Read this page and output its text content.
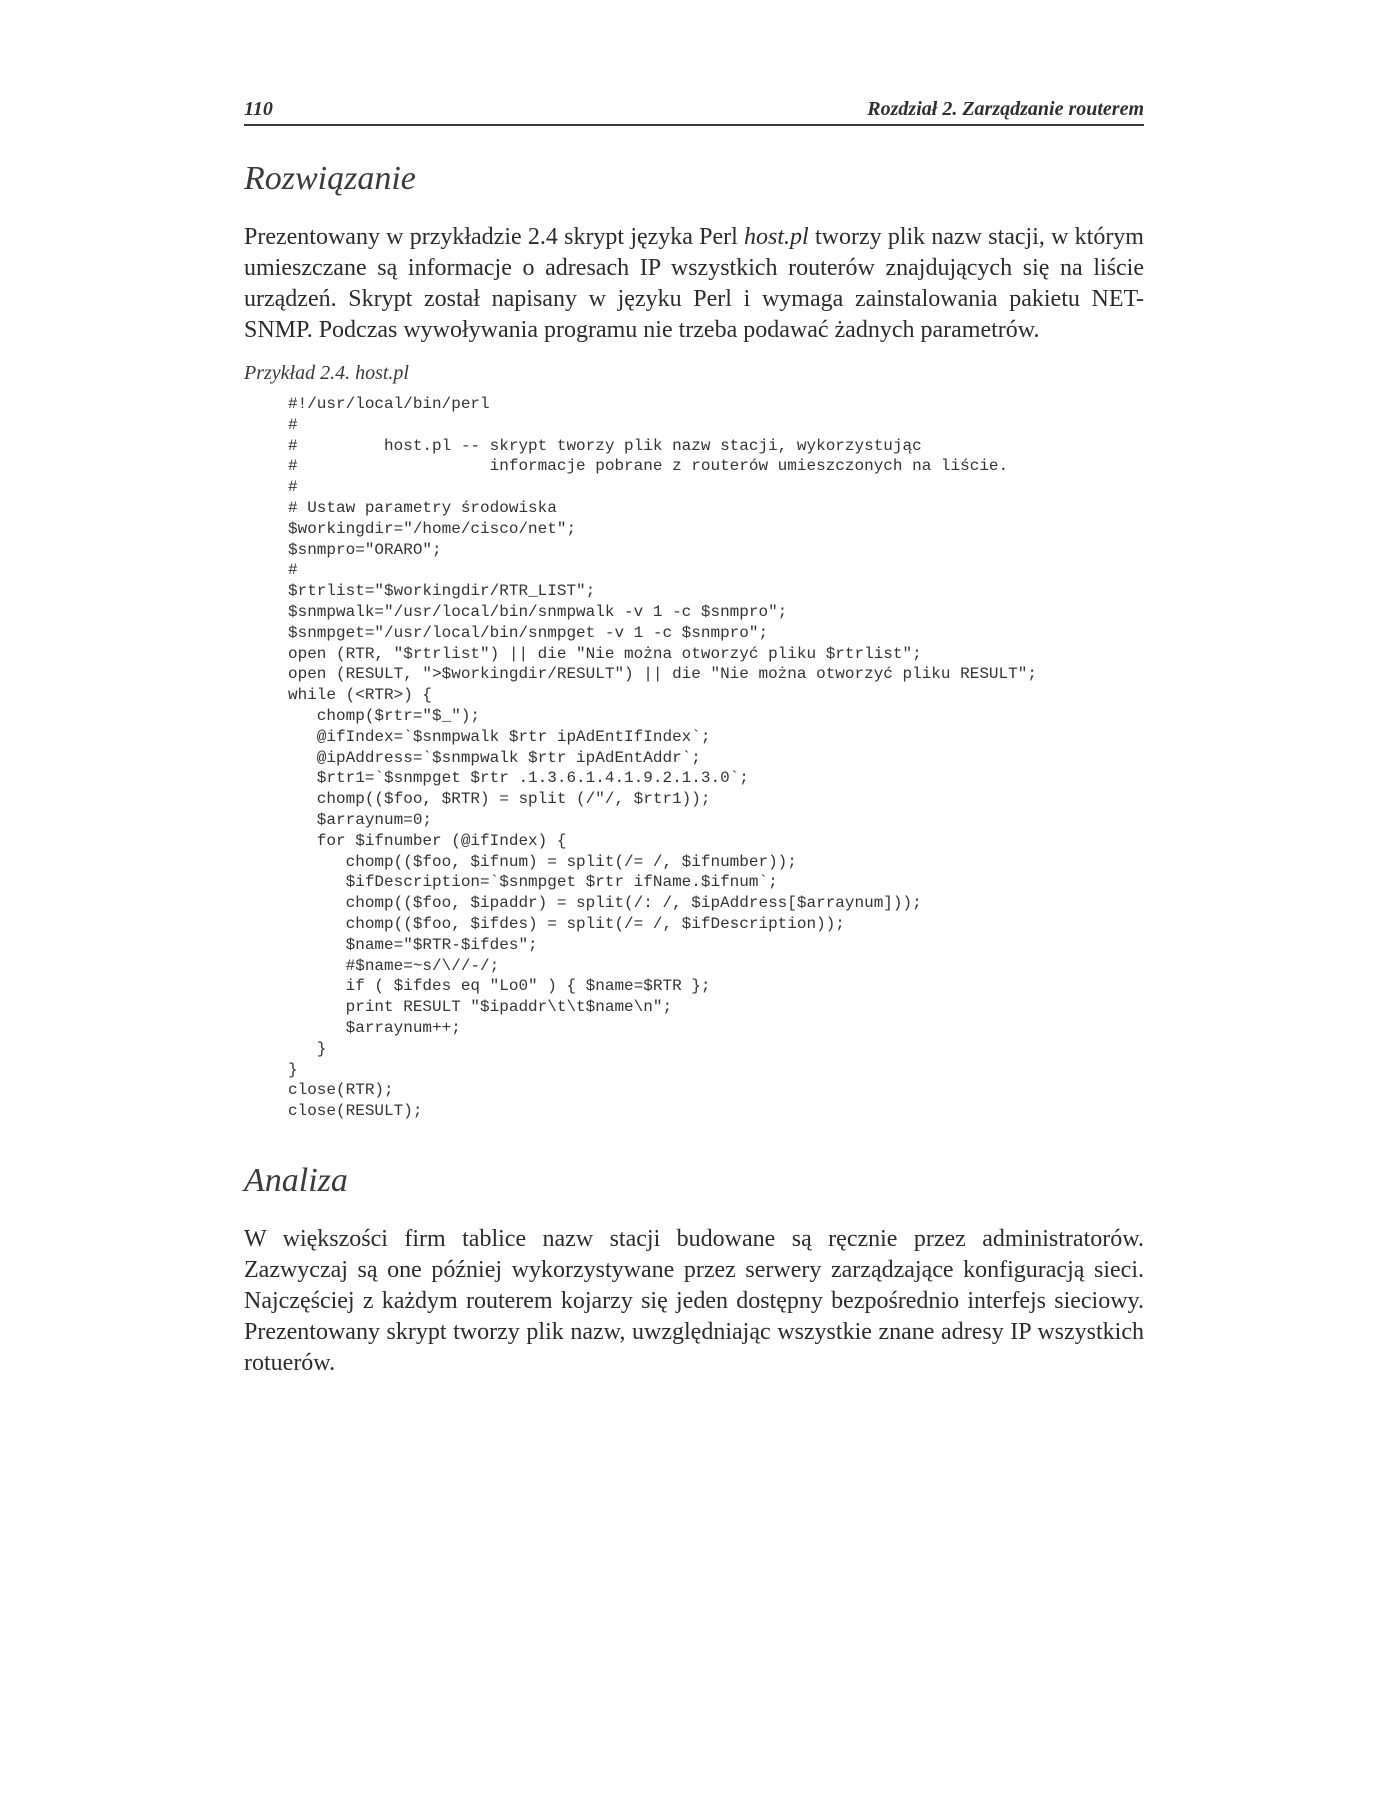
110	Rozdział 2. Zarządzanie routerem
Rozwiązanie

Prezentowany w przykładzie 2.4 skrypt języka Perl host.pl tworzy plik nazw stacji, w którym umieszczane są informacje o adresach IP wszystkich routerów znajdujących się na liście urządzeń. Skrypt został napisany w języku Perl i wymaga zainstalowania pakietu NET-SNMP. Podczas wywoływania programu nie trzeba podawać żadnych parametrów.

Przykład 2.4. host.pl
#!/usr/local/bin/perl
#
#         host.pl -- skrypt tworzy plik nazw stacji, wykorzystując
#                    informacje pobrane z routerów umieszczonych na liście.
#
# Ustaw parametry środowiska
$workingdir="/home/cisco/net";
$snmpro="ORARO";
#
$rtrlist="$workingdir/RTR_LIST";
$snmpwalk="/usr/local/bin/snmpwalk -v 1 -c $snmpro";
$snmpget="/usr/local/bin/snmpget -v 1 -c $snmpro";
open (RTR, "$rtrlist") || die "Nie można otworzyć pliku $rtrlist";
open (RESULT, ">$workingdir/RESULT") || die "Nie można otworzyć pliku RESULT";
while (<RTR>) {
chomp($rtr="$_");
@ifIndex=`$snmpwalk $rtr ipAdEntIfIndex`;
@ipAddress=`$snmpwalk $rtr ipAdEntAddr`;
$rtr1=`$snmpget $rtr .1.3.6.1.4.1.9.2.1.3.0`;
chomp(($foo, $RTR) = split (/"/, $rtr1));
$arraynum=0;
for $ifnumber (@ifIndex) {
chomp(($foo, $ifnum) = split(/= /, $ifnumber));
$ifDescription=`$snmpget $rtr ifName.$ifnum`;
chomp(($foo, $ipaddr) = split(/: /, $ipAddress[$arraynum]));
chomp(($foo, $ifdes) = split(/= /, $ifDescription));
$name="$RTR-$ifdes";
#$name=~s/\//-/;
if ( $ifdes eq "Lo0" ) { $name=$RTR };
print RESULT "$ipaddr\t\t$name\n";
$arraynum++;
}
}
close(RTR);
close(RESULT);
Analiza

W większości firm tablice nazw stacji budowane są ręcznie przez administratorów. Zazwyczaj są one później wykorzystywane przez serwery zarządzające konfiguracją sieci. Najczęściej z każdym routerem kojarzy się jeden dostępny bezpośrednio interfejs sieciowy. Prezentowany skrypt tworzy plik nazw, uwzględniając wszystkie znane adresy IP wszystkich rotuerów.
